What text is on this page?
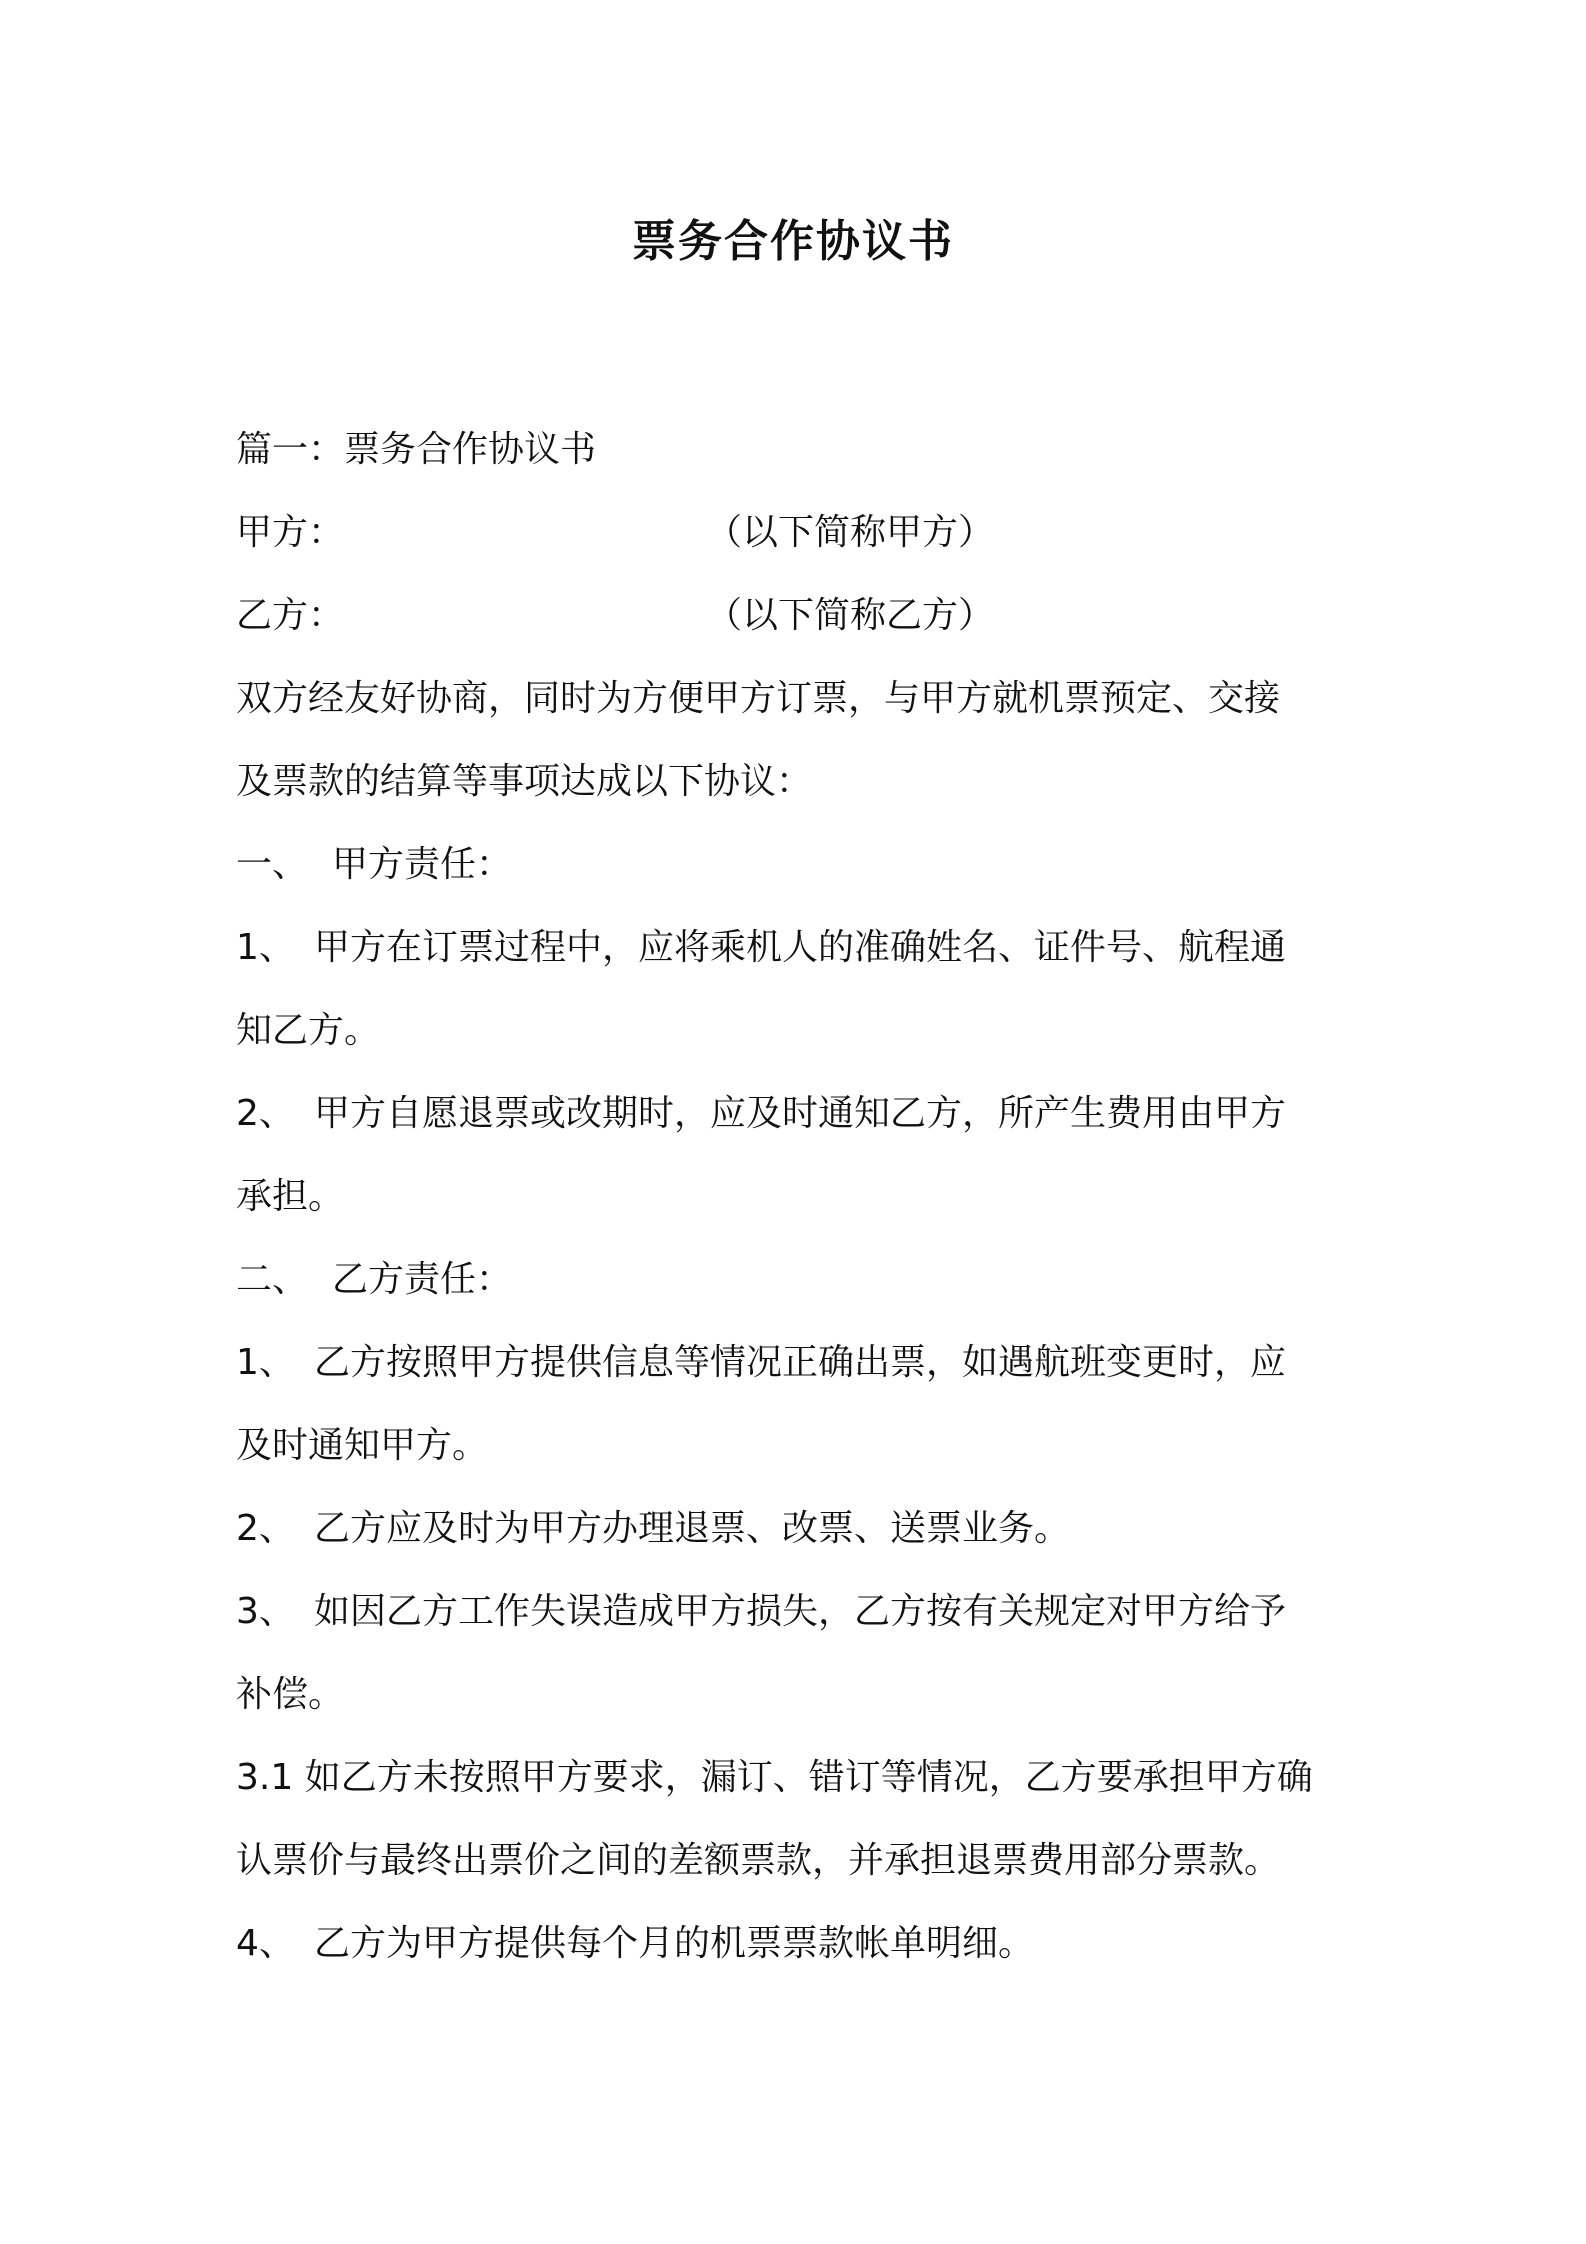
票务合作协议书
篇一：票务合作协议书
甲方：	（以下简称甲方）
乙方：	（以下简称乙方）
双方经友好协商，同时为方便甲方订票，与甲方就机票预定、交接
及票款的结算等事项达成以下协议：
一、 甲方责任：
1、 甲方在订票过程中，应将乘机人的准确姓名、证件号、航程通
知乙方。
2、 甲方自愿退票或改期时，应及时通知乙方，所产生费用由甲方
承担。
二、 乙方责任：
1、 乙方按照甲方提供信息等情况正确出票，如遇航班变更时，应
及时通知甲方。
2、 乙方应及时为甲方办理退票、改票、送票业务。
3、 如因乙方工作失误造成甲方损失，乙方按有关规定对甲方给予
补偿。
3.1 如乙方未按照甲方要求，漏订、错订等情况，乙方要承担甲方确
认票价与最终出票价之间的差额票款，并承担退票费用部分票款。
4、 乙方为甲方提供每个月的机票票款帐单明细。
